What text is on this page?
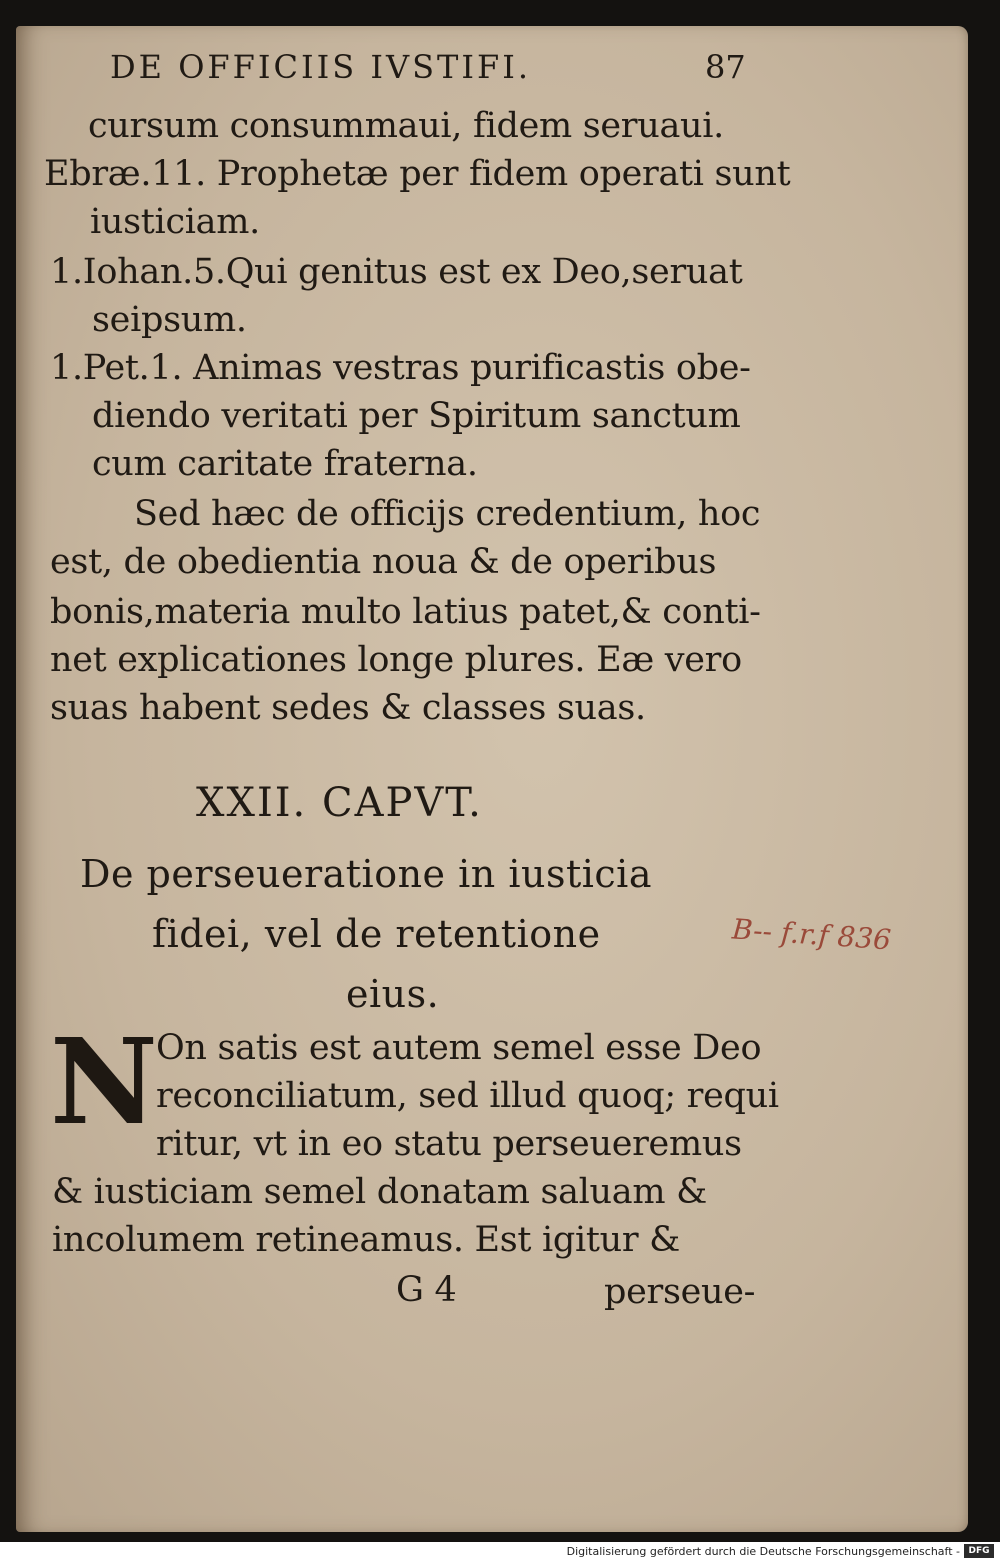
DE OFFICIIS IVSTIFI.	87
cursum consummaui, fidem seruaui.
Ebræ.11. Prophetæ per fidem operati sunt
iusticiam.
1.Iohan.5.Qui genitus est ex Deo,seruat
seipsum.
1.Pet.1. Animas vestras purificastis obe-
diendo veritati per Spiritum sanctum
cum caritate fraterna.
Sed hæc de officijs credentium, hoc
est, de obedientia noua & de operibus
bonis,materia multo latius patet,& conti-
net explicationes longe plures. Eæ vero
suas habent sedes & classes suas.
XXII. CAPVT.
De perseueratione in iusticia
fidei, vel de retentione
eius.
B-- f.r.f 836
N
On satis est autem semel esse Deo
reconciliatum, sed illud quoq; requi
ritur, vt in eo statu perseueremus
& iusticiam semel donatam saluam &
incolumem retineamus. Est igitur &
G 4	perseue-
Digitalisierung gefördert durch die Deutsche Forschungsgemeinschaft - DFG
